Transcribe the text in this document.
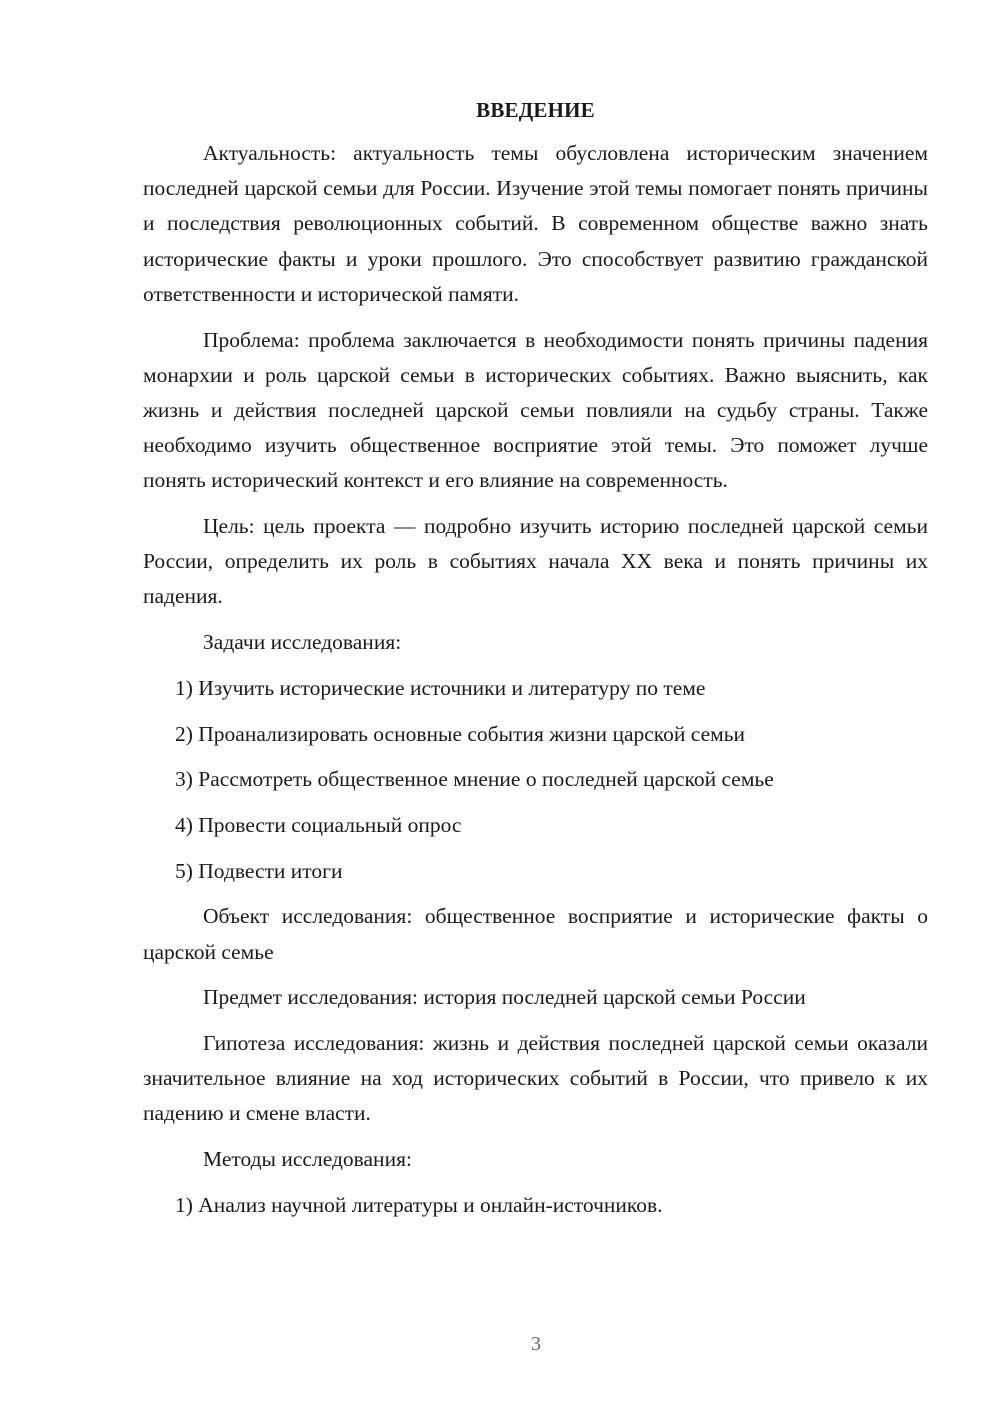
ВВЕДЕНИЕ

Актуальность: актуальность темы обусловлена историческим значением последней царской семьи для России. Изучение этой темы помогает понять причины и последствия революционных событий. В современном обществе важно знать исторические факты и уроки прошлого. Это способствует развитию гражданской ответственности и исторической памяти.

Проблема: проблема заключается в необходимости понять причины падения монархии и роль царской семьи в исторических событиях. Важно выяснить, как жизнь и действия последней царской семьи повлияли на судьбу страны. Также необходимо изучить общественное восприятие этой темы. Это поможет лучше понять исторический контекст и его влияние на современность.

Цель: цель проекта — подробно изучить историю последней царской семьи России, определить их роль в событиях начала XX века и понять причины их падения.

Задачи исследования:

1) Изучить исторические источники и литературу по теме

2) Проанализировать основные события жизни царской семьи

3) Рассмотреть общественное мнение о последней царской семье

4) Провести социальный опрос

5) Подвести итоги

Объект исследования: общественное восприятие и исторические факты о царской семье

Предмет исследования: история последней царской семьи России

Гипотеза исследования: жизнь и действия последней царской семьи оказали значительное влияние на ход исторических событий в России, что привело к их падению и смене власти.

Методы исследования:

1) Анализ научной литературы и онлайн-источников.

3
